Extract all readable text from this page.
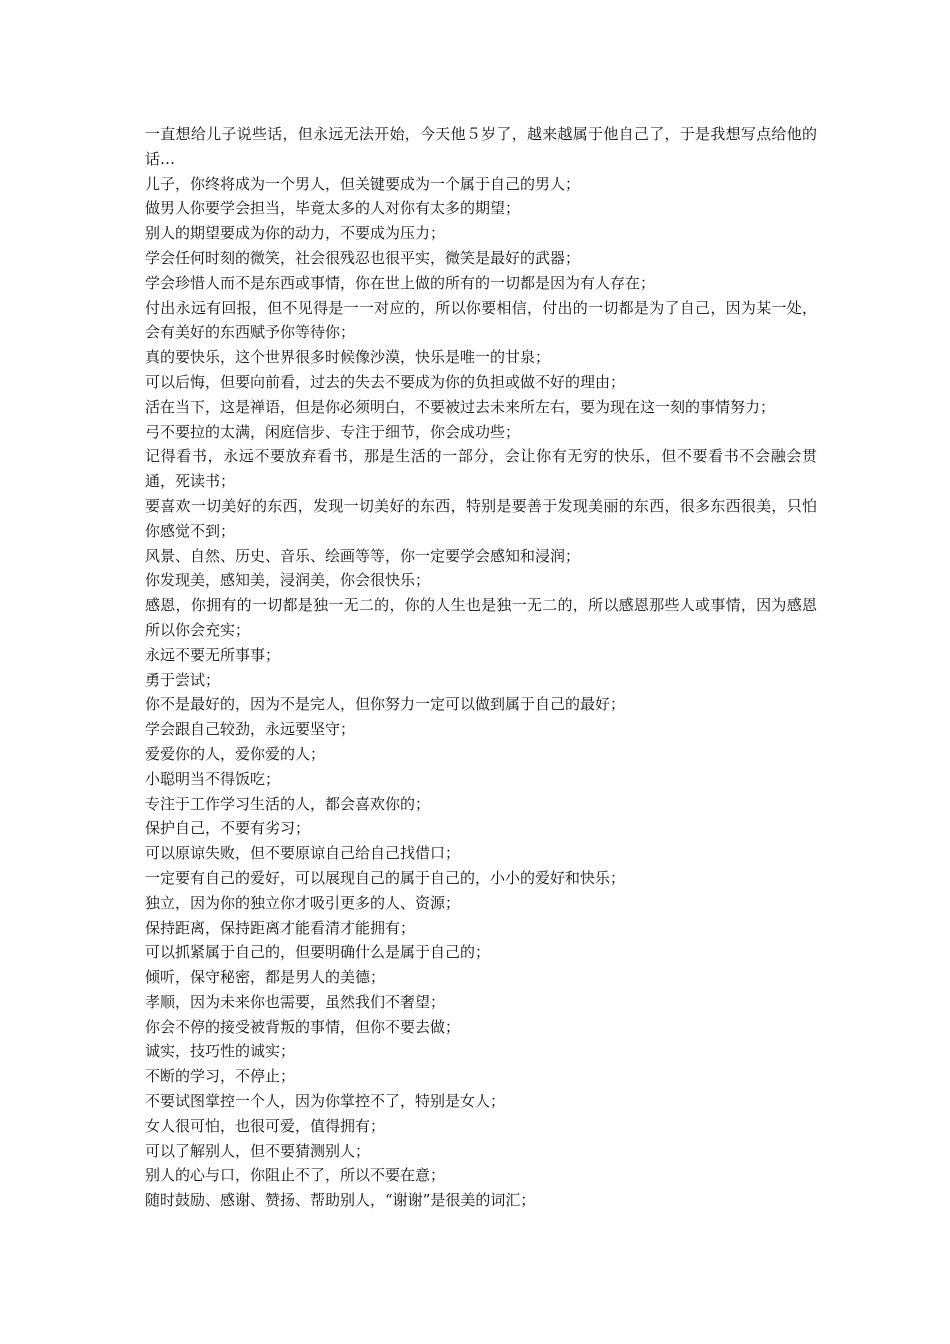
一直想给儿子说些话，但永远无法开始，今天他５岁了，越来越属于他自己了，于是我想写点给他的话…
儿子，你终将成为一个男人，但关键要成为一个属于自己的男人；
做男人你要学会担当，毕竟太多的人对你有太多的期望；
别人的期望要成为你的动力，不要成为压力；
学会任何时刻的微笑，社会很残忍也很平实，微笑是最好的武器；
学会珍惜人而不是东西或事情，你在世上做的所有的一切都是因为有人存在；
付出永远有回报，但不见得是一一对应的，所以你要相信，付出的一切都是为了自己，因为某一处，会有美好的东西赋予你等待你；
真的要快乐，这个世界很多时候像沙漠，快乐是唯一的甘泉；
可以后悔，但要向前看，过去的失去不要成为你的负担或做不好的理由；
活在当下，这是禅语，但是你必须明白，不要被过去未来所左右，要为现在这一刻的事情努力；
弓不要拉的太满，闲庭信步、专注于细节，你会成功些；
记得看书，永远不要放弃看书，那是生活的一部分，会让你有无穷的快乐，但不要看书不会融会贯通，死读书；
要喜欢一切美好的东西，发现一切美好的东西，特别是要善于发现美丽的东西，很多东西很美，只怕你感觉不到；
风景、自然、历史、音乐、绘画等等，你一定要学会感知和浸润；
你发现美，感知美，浸润美，你会很快乐；
感恩，你拥有的一切都是独一无二的，你的人生也是独一无二的，所以感恩那些人或事情，因为感恩所以你会充实；
永远不要无所事事；
勇于尝试；
你不是最好的，因为不是完人，但你努力一定可以做到属于自己的最好；
学会跟自己较劲，永远要坚守；
爱爱你的人，爱你爱的人；
小聪明当不得饭吃；
专注于工作学习生活的人，都会喜欢你的；
保护自己，不要有劣习；
可以原谅失败，但不要原谅自己给自己找借口；
一定要有自己的爱好，可以展现自己的属于自己的，小小的爱好和快乐；
独立，因为你的独立你才吸引更多的人、资源；
保持距离，保持距离才能看清才能拥有；
可以抓紧属于自己的，但要明确什么是属于自己的；
倾听，保守秘密，都是男人的美德；
孝顺，因为未来你也需要，虽然我们不奢望；
你会不停的接受被背叛的事情，但你不要去做；
诚实，技巧性的诚实；
不断的学习，不停止；
不要试图掌控一个人，因为你掌控不了，特别是女人；
女人很可怕，也很可爱，值得拥有；
可以了解别人，但不要猜测别人；
别人的心与口，你阻止不了，所以不要在意；
随时鼓励、感谢、赞扬、帮助别人，“谢谢”是很美的词汇；
